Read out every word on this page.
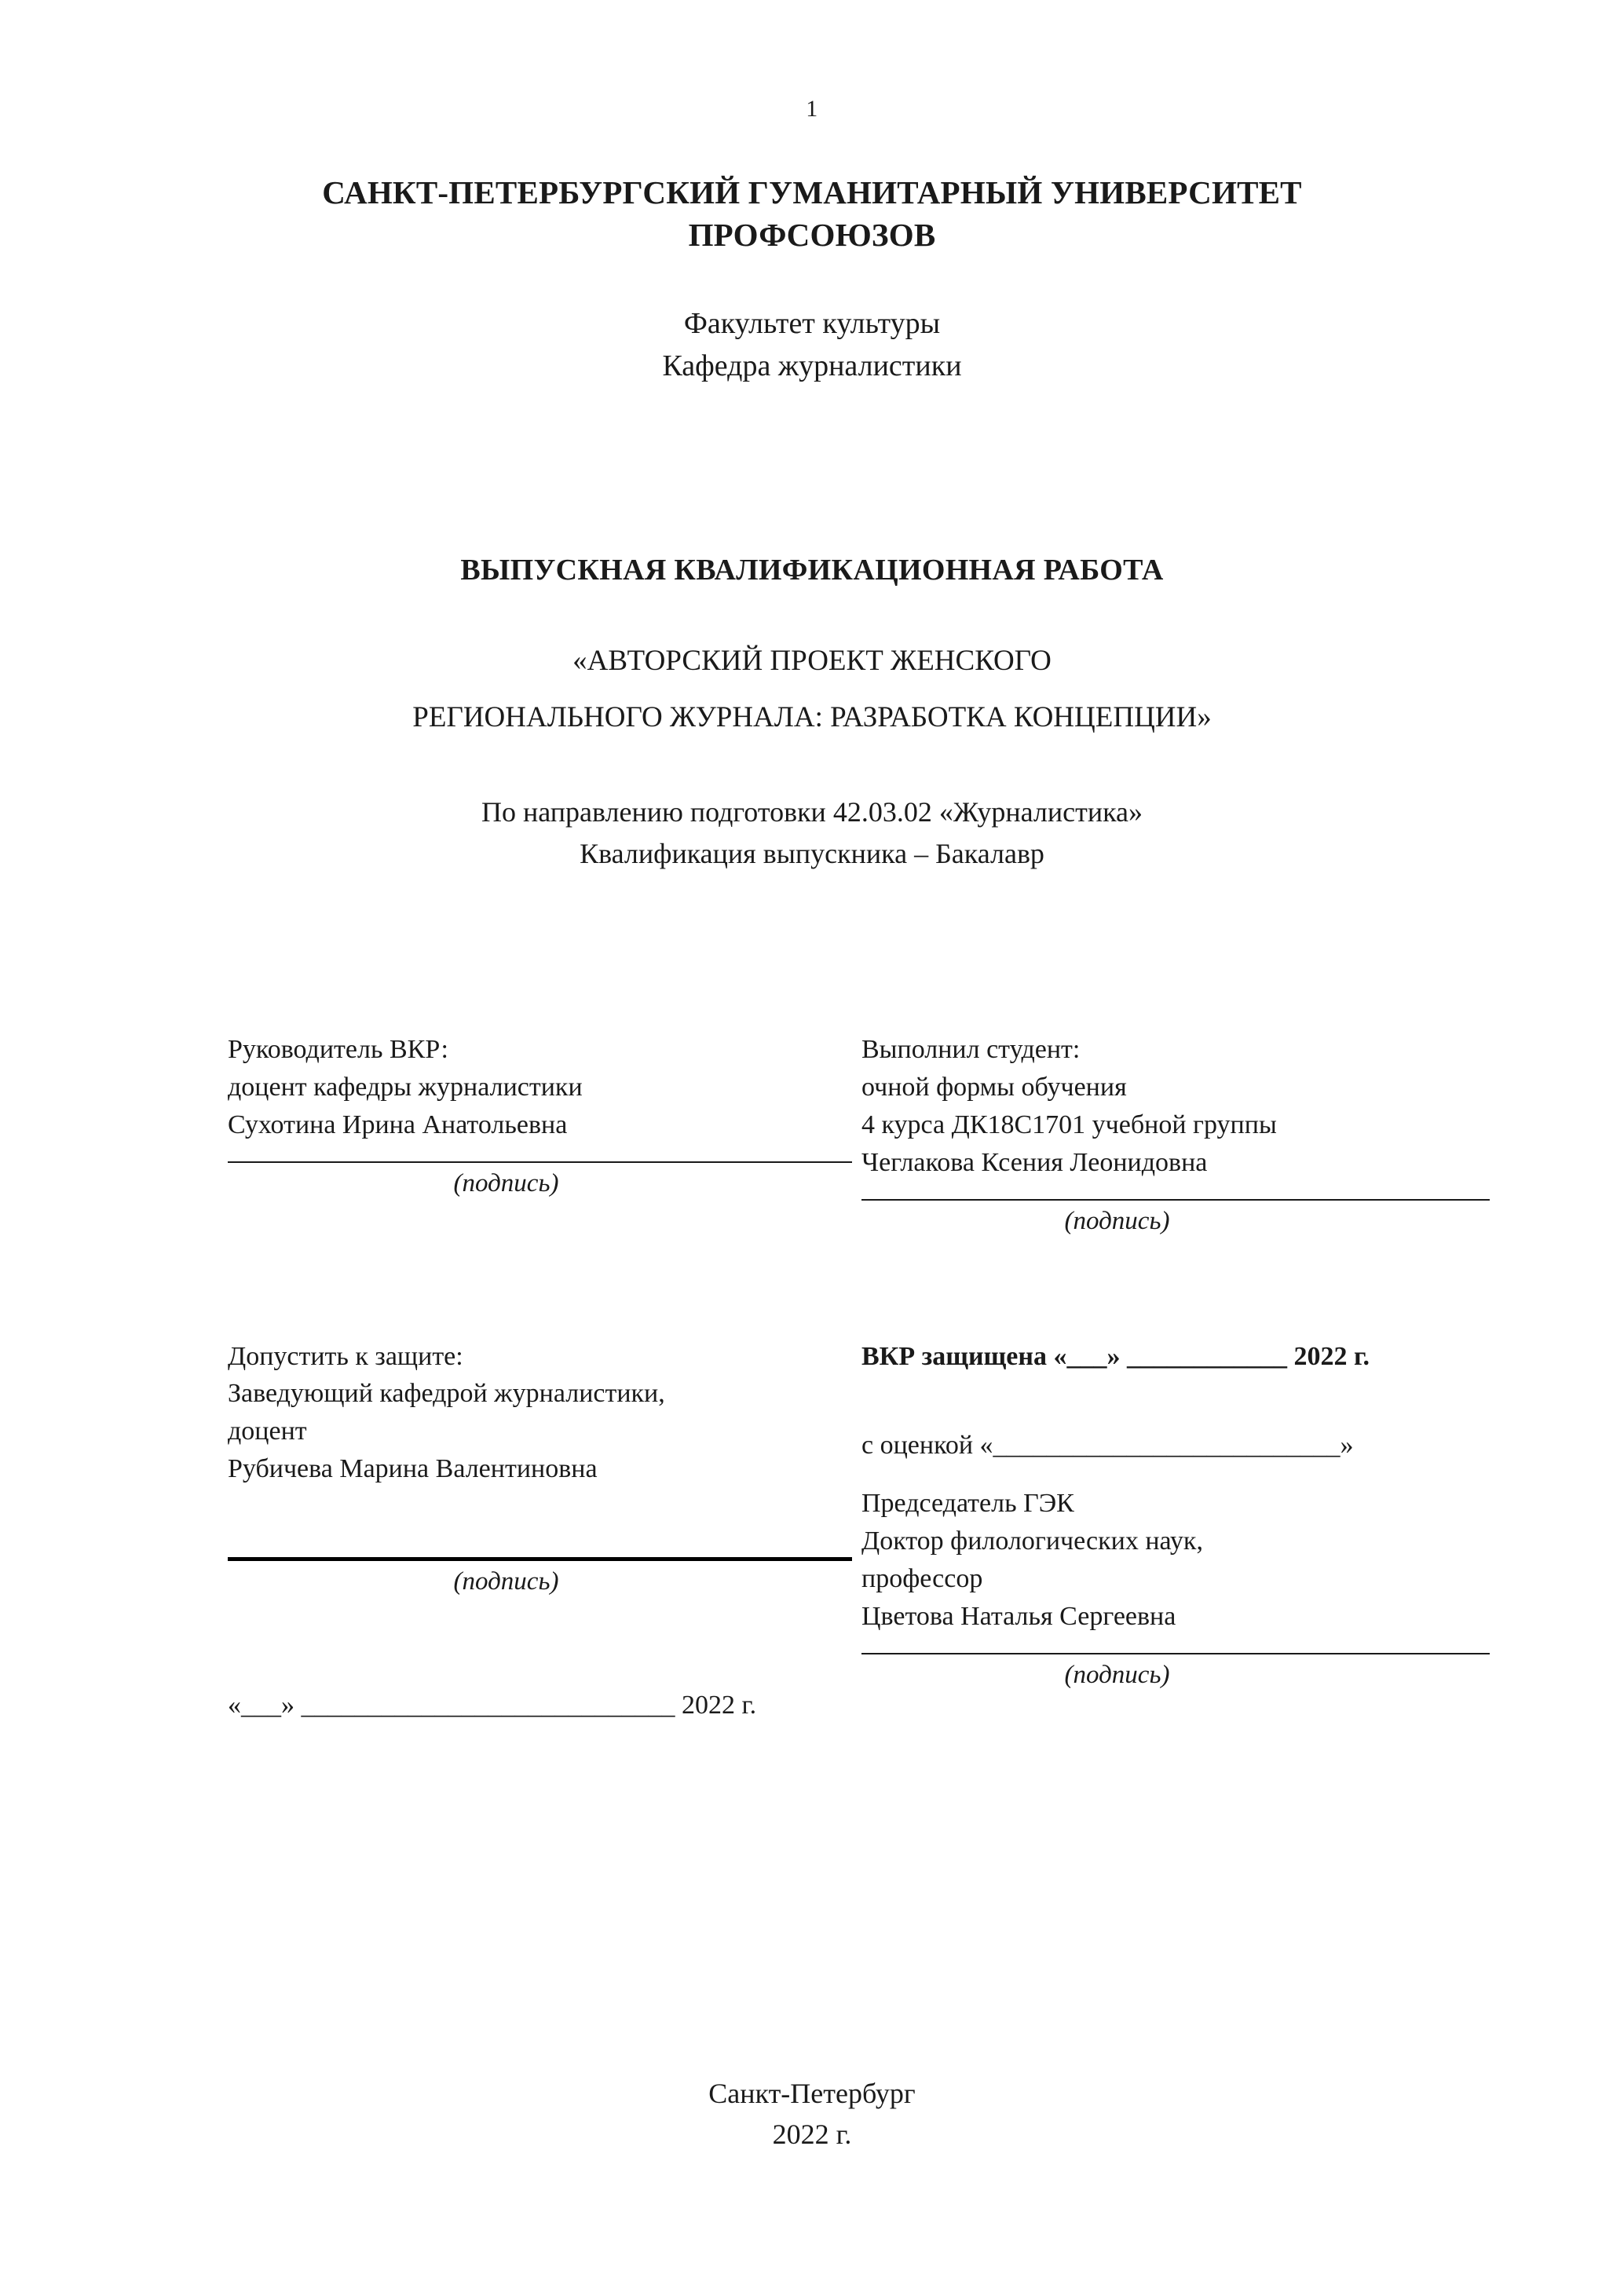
1
САНКТ-ПЕТЕРБУРГСКИЙ ГУМАНИТАРНЫЙ УНИВЕРСИТЕТ ПРОФСОЮЗОВ
Факультет культуры
Кафедра журналистики
ВЫПУСКНАЯ КВАЛИФИКАЦИОННАЯ РАБОТА
«АВТОРСКИЙ ПРОЕКТ ЖЕНСКОГО
РЕГИОНАЛЬНОГО ЖУРНАЛА: РАЗРАБОТКА КОНЦЕПЦИИ»
По направлению подготовки 42.03.02 «Журналистика»
Квалификация выпускника – Бакалавр
Руководитель ВКР:
доцент кафедры журналистики
Сухотина Ирина Анатольевна
(подпись)
Выполнил студент:
очной формы обучения
4 курса ДК18С1701 учебной группы
Чеглакова Ксения Леонидовна
(подпись)
Допустить к защите:
Заведующий кафедрой журналистики,
доцент
Рубичева Марина Валентиновна
(подпись)
«___» ____________________________ 2022 г.
ВКР защищена «___» ____________ 2022 г.
с оценкой «__________________________»
Председатель ГЭК
Доктор филологических наук,
профессор
Цветова Наталья Сергеевна
(подпись)
Санкт-Петербург
2022 г.
